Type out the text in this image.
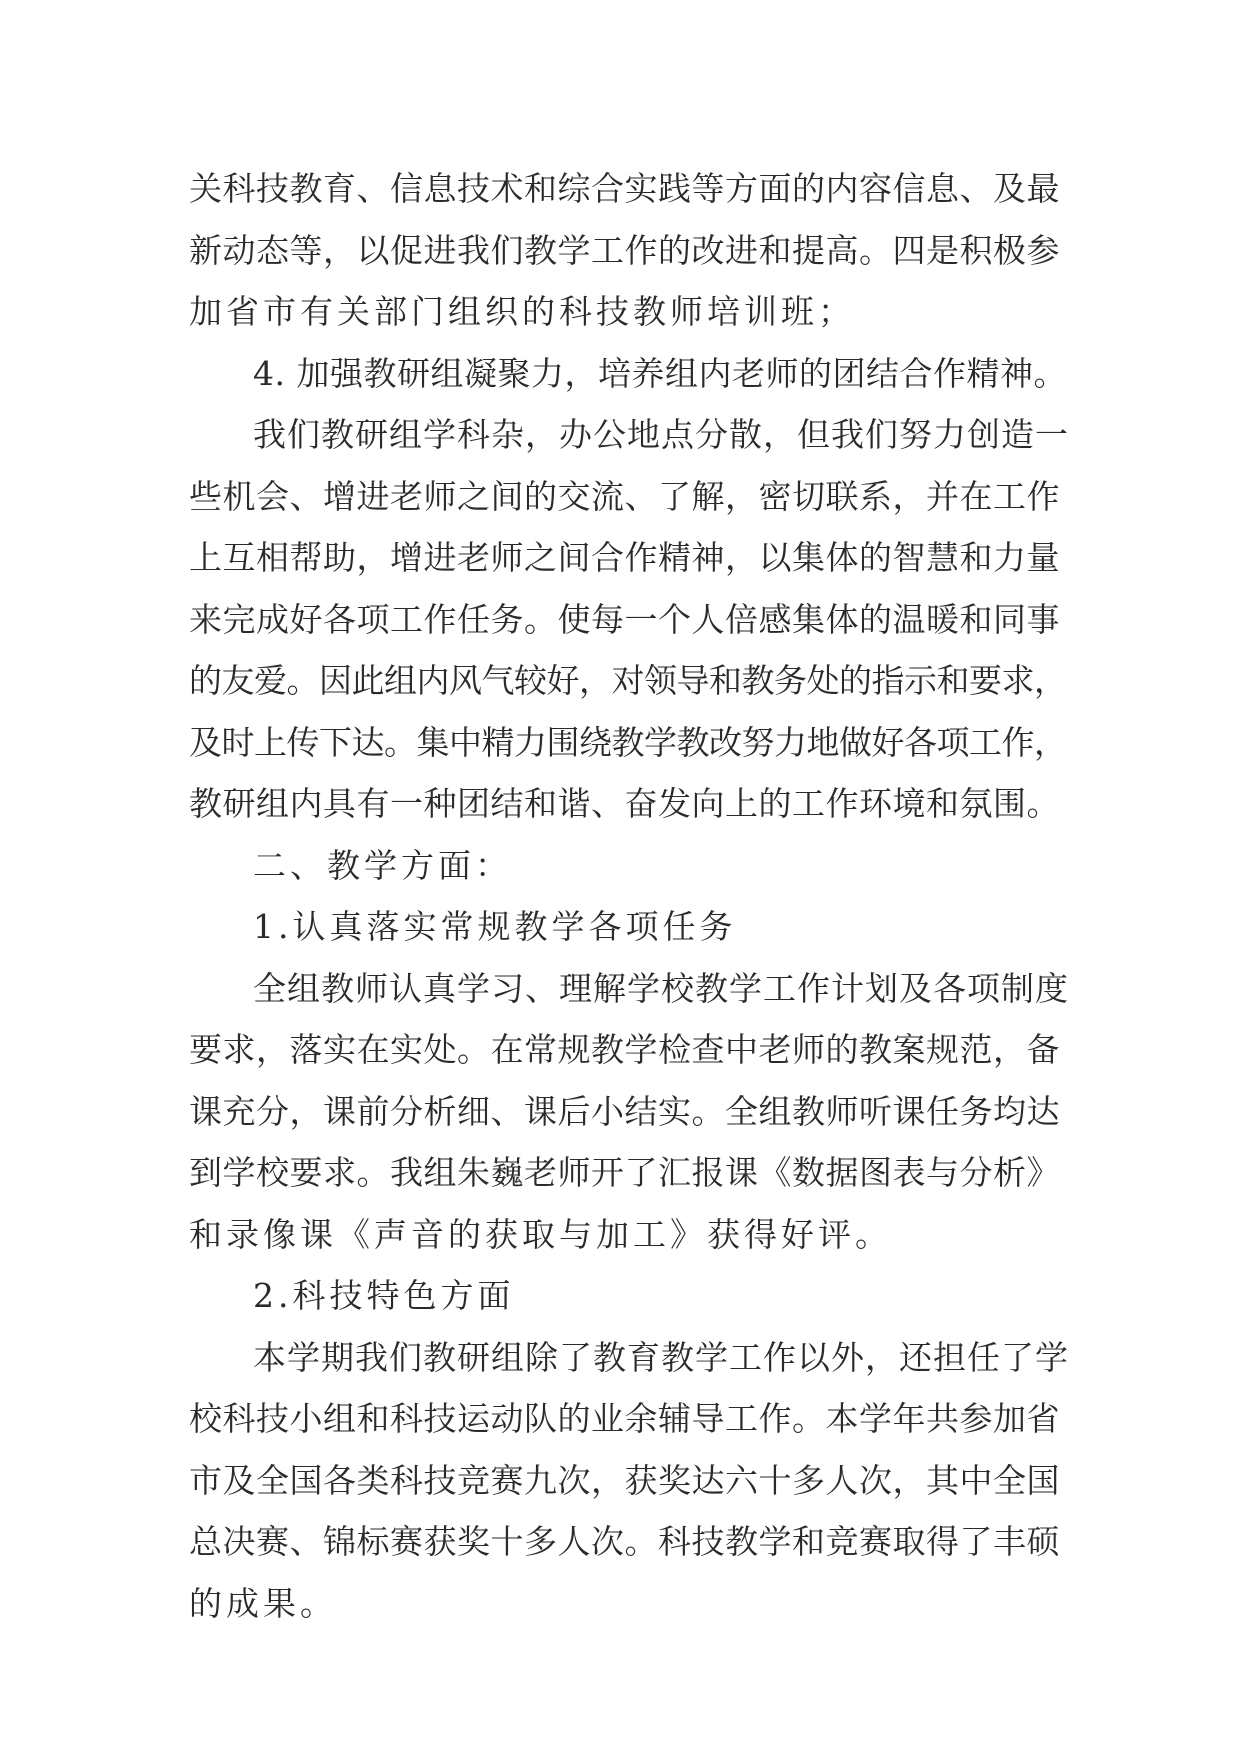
关科技教育、信息技术和综合实践等方面的内容信息、及最
新动态等，以促进我们教学工作的改进和提高。四是积极参
加省市有关部门组织的科技教师培训班；
4. 加强教研组凝聚力，培养组内老师的团结合作精神。
我们教研组学科杂，办公地点分散，但我们努力创造一
些机会、增进老师之间的交流、了解，密切联系，并在工作
上互相帮助，增进老师之间合作精神，以集体的智慧和力量
来完成好各项工作任务。使每一个人倍感集体的温暖和同事
的友爱。因此组内风气较好，对领导和教务处的指示和要求，
及时上传下达。集中精力围绕教学教改努力地做好各项工作，
教研组内具有一种团结和谐、奋发向上的工作环境和氛围。
二、教学方面：
1.认真落实常规教学各项任务
全组教师认真学习、理解学校教学工作计划及各项制度
要求，落实在实处。在常规教学检查中老师的教案规范，备
课充分，课前分析细、课后小结实。全组教师听课任务均达
到学校要求。我组朱巍老师开了汇报课《数据图表与分析》
和录像课《声音的获取与加工》获得好评。
2.科技特色方面
本学期我们教研组除了教育教学工作以外，还担任了学
校科技小组和科技运动队的业余辅导工作。本学年共参加省
市及全国各类科技竞赛九次，获奖达六十多人次，其中全国
总决赛、锦标赛获奖十多人次。科技教学和竞赛取得了丰硕
的成果。
